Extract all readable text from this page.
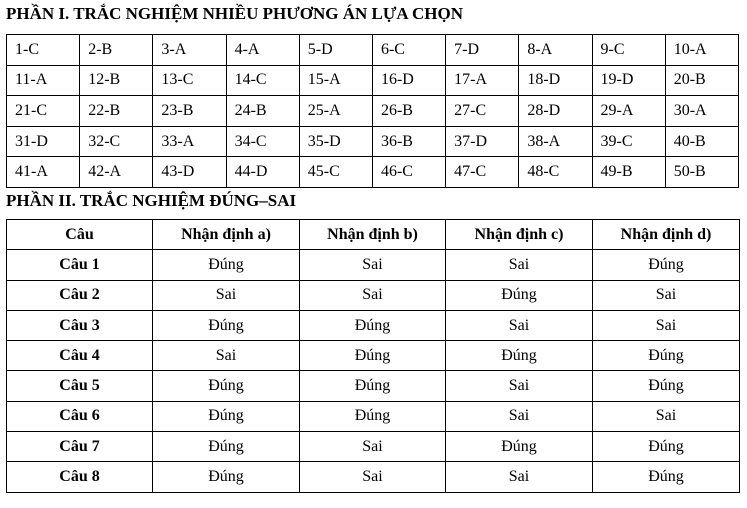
PHẦN I. TRẮC NGHIỆM NHIỀU PHƯƠNG ÁN LỰA CHỌN
1-C	2-B	3-A	4-A	5-D	6-C	7-D	8-A	9-C	10-A
11-A	12-B	13-C	14-C	15-A	16-D	17-A	18-D	19-D	20-B
21-C	22-B	23-B	24-B	25-A	26-B	27-C	28-D	29-A	30-A
31-D	32-C	33-A	34-C	35-D	36-B	37-D	38-A	39-C	40-B
41-A	42-A	43-D	44-D	45-C	46-C	47-C	48-C	49-B	50-B
PHẦN II. TRẮC NGHIỆM ĐÚNG–SAI
Câu	Nhận định a)	Nhận định b)	Nhận định c)	Nhận định d)
Câu 1	Đúng	Sai	Sai	Đúng
Câu 2	Sai	Sai	Đúng	Sai
Câu 3	Đúng	Đúng	Sai	Sai
Câu 4	Sai	Đúng	Đúng	Đúng
Câu 5	Đúng	Đúng	Sai	Đúng
Câu 6	Đúng	Đúng	Sai	Sai
Câu 7	Đúng	Sai	Đúng	Đúng
Câu 8	Đúng	Sai	Sai	Đúng
